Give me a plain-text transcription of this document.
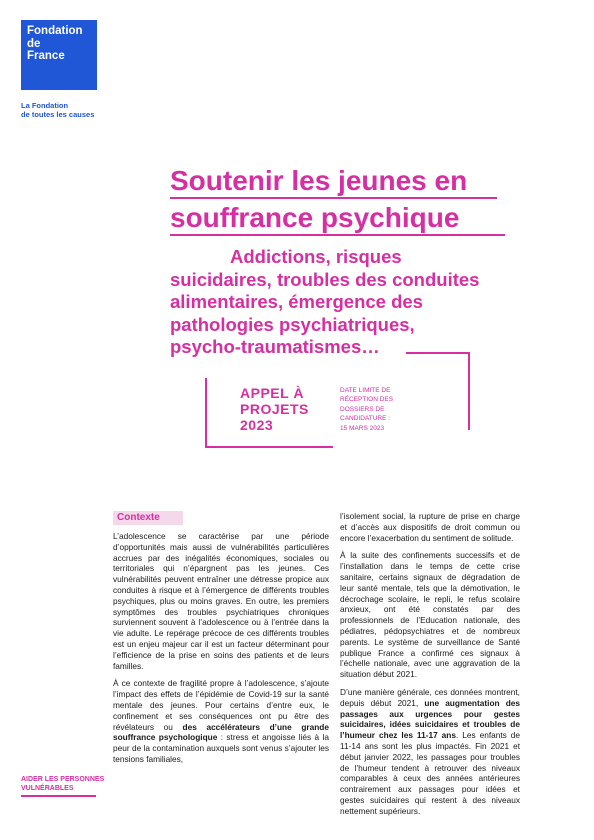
Fondation
de
France
La Fondation
de toutes les causes
Soutenir les jeunes en
souffrance psychique
Addictions, risques
suicidaires, troubles des conduites
alimentaires, émergence des
pathologies psychiatriques,
psycho-traumatismes…
APPEL À
PROJETS
2023
DATE LIMITE DE
RÉCEPTION DES
DOSSIERS DE
CANDIDATURE :
15 MARS 2023
Contexte

L’adolescence se caractérise par une période d’opportunités mais aussi de vulnérabilités particulières accrues par des inégalités économiques, sociales ou territoriales qui n’épargnent pas les jeunes. Ces vulnérabilités peuvent entraîner une détresse propice aux conduites à risque et à l’émergence de différents troubles psychiques, plus ou moins graves. En outre, les premiers symptômes des troubles psychiatriques chroniques surviennent souvent à l’adolescence ou à l’entrée dans la vie adulte. Le repérage précoce de ces différents troubles est un enjeu majeur car il est un facteur déterminant pour l’efficience de la prise en soins des patients et de leurs familles.

À ce contexte de fragilité propre à l’adolescence, s’ajoute l’impact des effets de l’épidémie de Covid-19 sur la santé mentale des jeunes. Pour certains d’entre eux, le confinement et ses conséquences ont pu être des révélateurs ou des accélérateurs d’une grande souffrance psychologique : stress et angoisse liés à la peur de la contamination auxquels sont venus s’ajouter les tensions familiales,

l’isolement social, la rupture de prise en charge et d’accès aux dispositifs de droit commun ou encore l’exacerbation du sentiment de solitude.

À la suite des confinements successifs et de l’installation dans le temps de cette crise sanitaire, certains signaux de dégradation de leur santé mentale, tels que la démotivation, le décrochage scolaire, le repli, le refus scolaire anxieux, ont été constatés par des professionnels de l’Education nationale, des pédiatres, pédopsychiatres et de nombreux parents. Le système de surveillance de Santé publique France a confirmé ces signaux à l’échelle nationale, avec une aggravation de la situation début 2021.

D’une manière générale, ces données montrent, depuis début 2021, une augmentation des passages aux urgences pour gestes suicidaires, idées suicidaires et troubles de l’humeur chez les 11-17 ans. Les enfants de 11-14 ans sont les plus impactés. Fin 2021 et début janvier 2022, les passages pour troubles de l’humeur tendent à retrouver des niveaux comparables à ceux des années antérieures contrairement aux passages pour idées et gestes suicidaires qui restent à des niveaux nettement supérieurs.

AIDER LES PERSONNES
VULNÉRABLES
